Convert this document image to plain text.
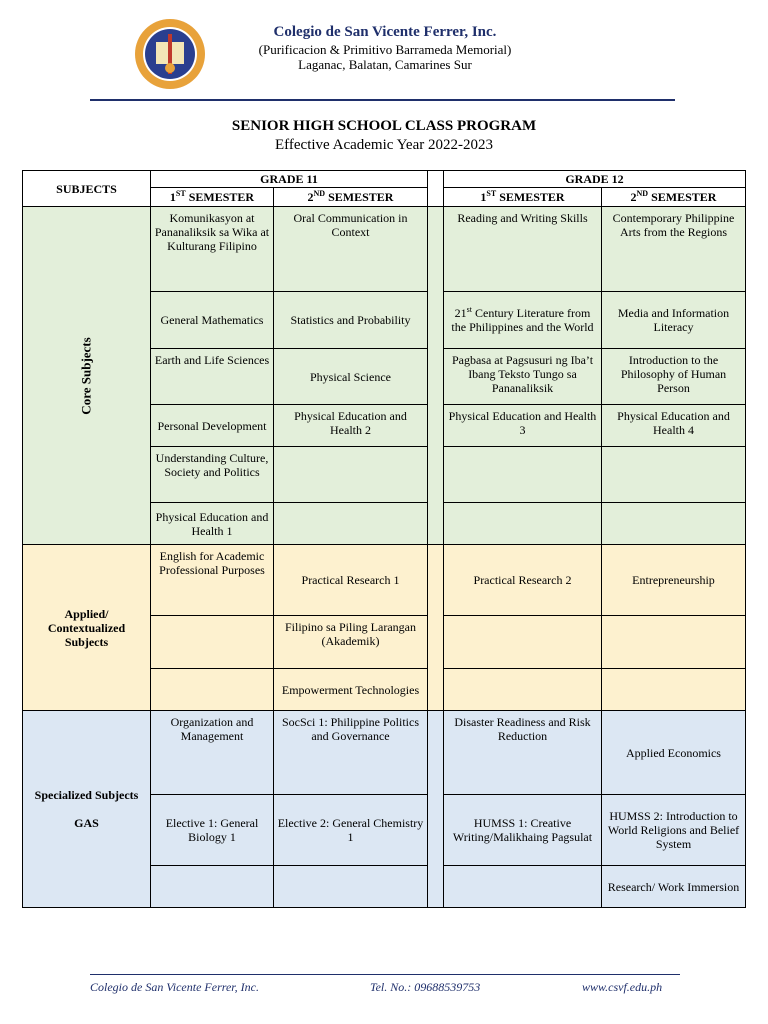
Colegio de San Vicente Ferrer, Inc.
(Purificacion & Primitivo Barrameda Memorial)
Laganac, Balatan, Camarines Sur
SENIOR HIGH SCHOOL CLASS PROGRAM
Effective Academic Year 2022-2023
SUBJECTS	GRADE 11			GRADE 12	
	1ST SEMESTER	2ND SEMESTER		1ST SEMESTER	2ND SEMESTER
Core Subjects	Komunikasyon at Pananaliksik sa Wika at Kulturang Filipino	Oral Communication in Context		Reading and Writing Skills	Contemporary Philippine Arts from the Regions
	General Mathematics	Statistics and Probability		21st Century Literature from the Philippines and the World	Media and Information Literacy
	Earth and Life Sciences	Physical Science		Pagbasa at Pagsusuri ng Iba’t Ibang Teksto Tungo sa Pananaliksik	Introduction to the Philosophy of Human Person
	Personal Development	Physical Education and Health 2		Physical Education and Health 3	Physical Education and Health 4
	Understanding Culture, Society and Politics				
	Physical Education and Health 1				
Applied/ Contextualized Subjects	English for Academic Professional Purposes	Practical Research 1		Practical Research 2	Entrepreneurship
		Filipino sa Piling Larangan (Akademik)			
		Empowerment Technologies			

Specialized Subjects
GAS	Organization and Management	SocSci 1: Philippine Politics and Governance		Disaster Readiness and Risk Reduction	Applied Economics
	Elective 1: General Biology 1	Elective 2: General Chemistry 1		HUMSS 1: Creative Writing/Malikhaing Pagsulat	HUMSS 2: Introduction to World Religions and Belief System
					Research/ Work Immersion
Colegio de San Vicente Ferrer, Inc.	Tel. No.: 09688539753	www.csvf.edu.ph
